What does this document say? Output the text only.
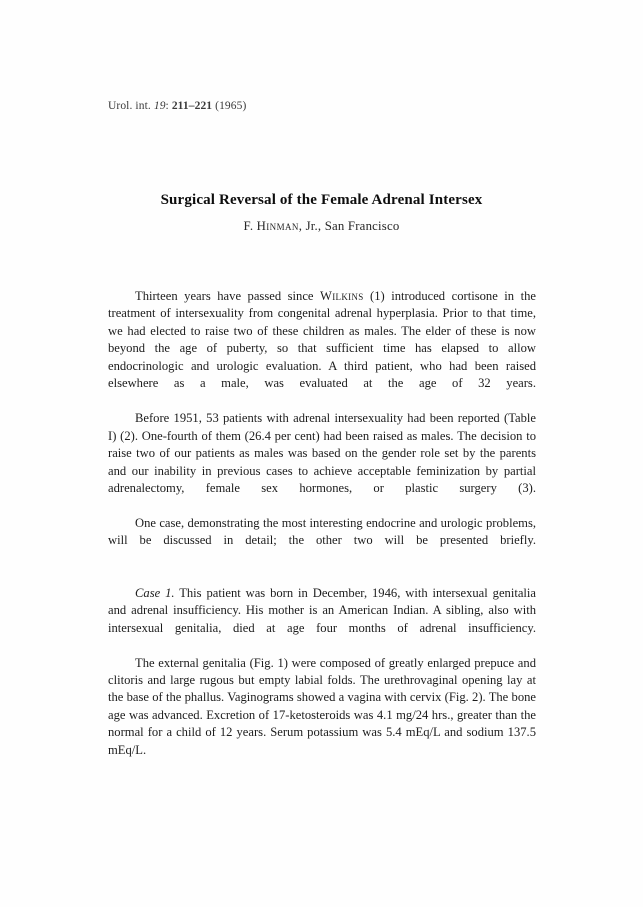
Urol. int. 19: 211–221 (1965)
Surgical Reversal of the Female Adrenal Intersex
F. Hinman, Jr., San Francisco

Thirteen years have passed since Wilkins (1) introduced cortisone in the treatment of intersexuality from congenital adrenal hyperplasia. Prior to that time, we had elected to raise two of these children as males. The elder of these is now beyond the age of puberty, so that sufficient time has elapsed to allow endocrinologic and urologic evaluation. A third patient, who had been raised elsewhere as a male, was evaluated at the age of 32 years.

Before 1951, 53 patients with adrenal intersexuality had been reported (Table I) (2). One-fourth of them (26.4 per cent) had been raised as males. The decision to raise two of our patients as males was based on the gender role set by the parents and our inability in previous cases to achieve acceptable feminization by partial adrenalectomy, female sex hormones, or plastic surgery (3).

One case, demonstrating the most interesting endocrine and urologic problems, will be discussed in detail; the other two will be presented briefly.

Case 1. This patient was born in December, 1946, with intersexual genitalia and adrenal insufficiency. His mother is an American Indian. A sibling, also with intersexual genitalia, died at age four months of adrenal insufficiency.

The external genitalia (Fig. 1) were composed of greatly enlarged prepuce and clitoris and large rugous but empty labial folds. The urethrovaginal opening lay at the base of the phallus. Vaginograms showed a vagina with cervix (Fig. 2). The bone age was advanced. Excretion of 17-ketosteroids was 4.1 mg/24 hrs., greater than the normal for a child of 12 years. Serum potassium was 5.4 mEq/L and sodium 137.5 mEq/L.
